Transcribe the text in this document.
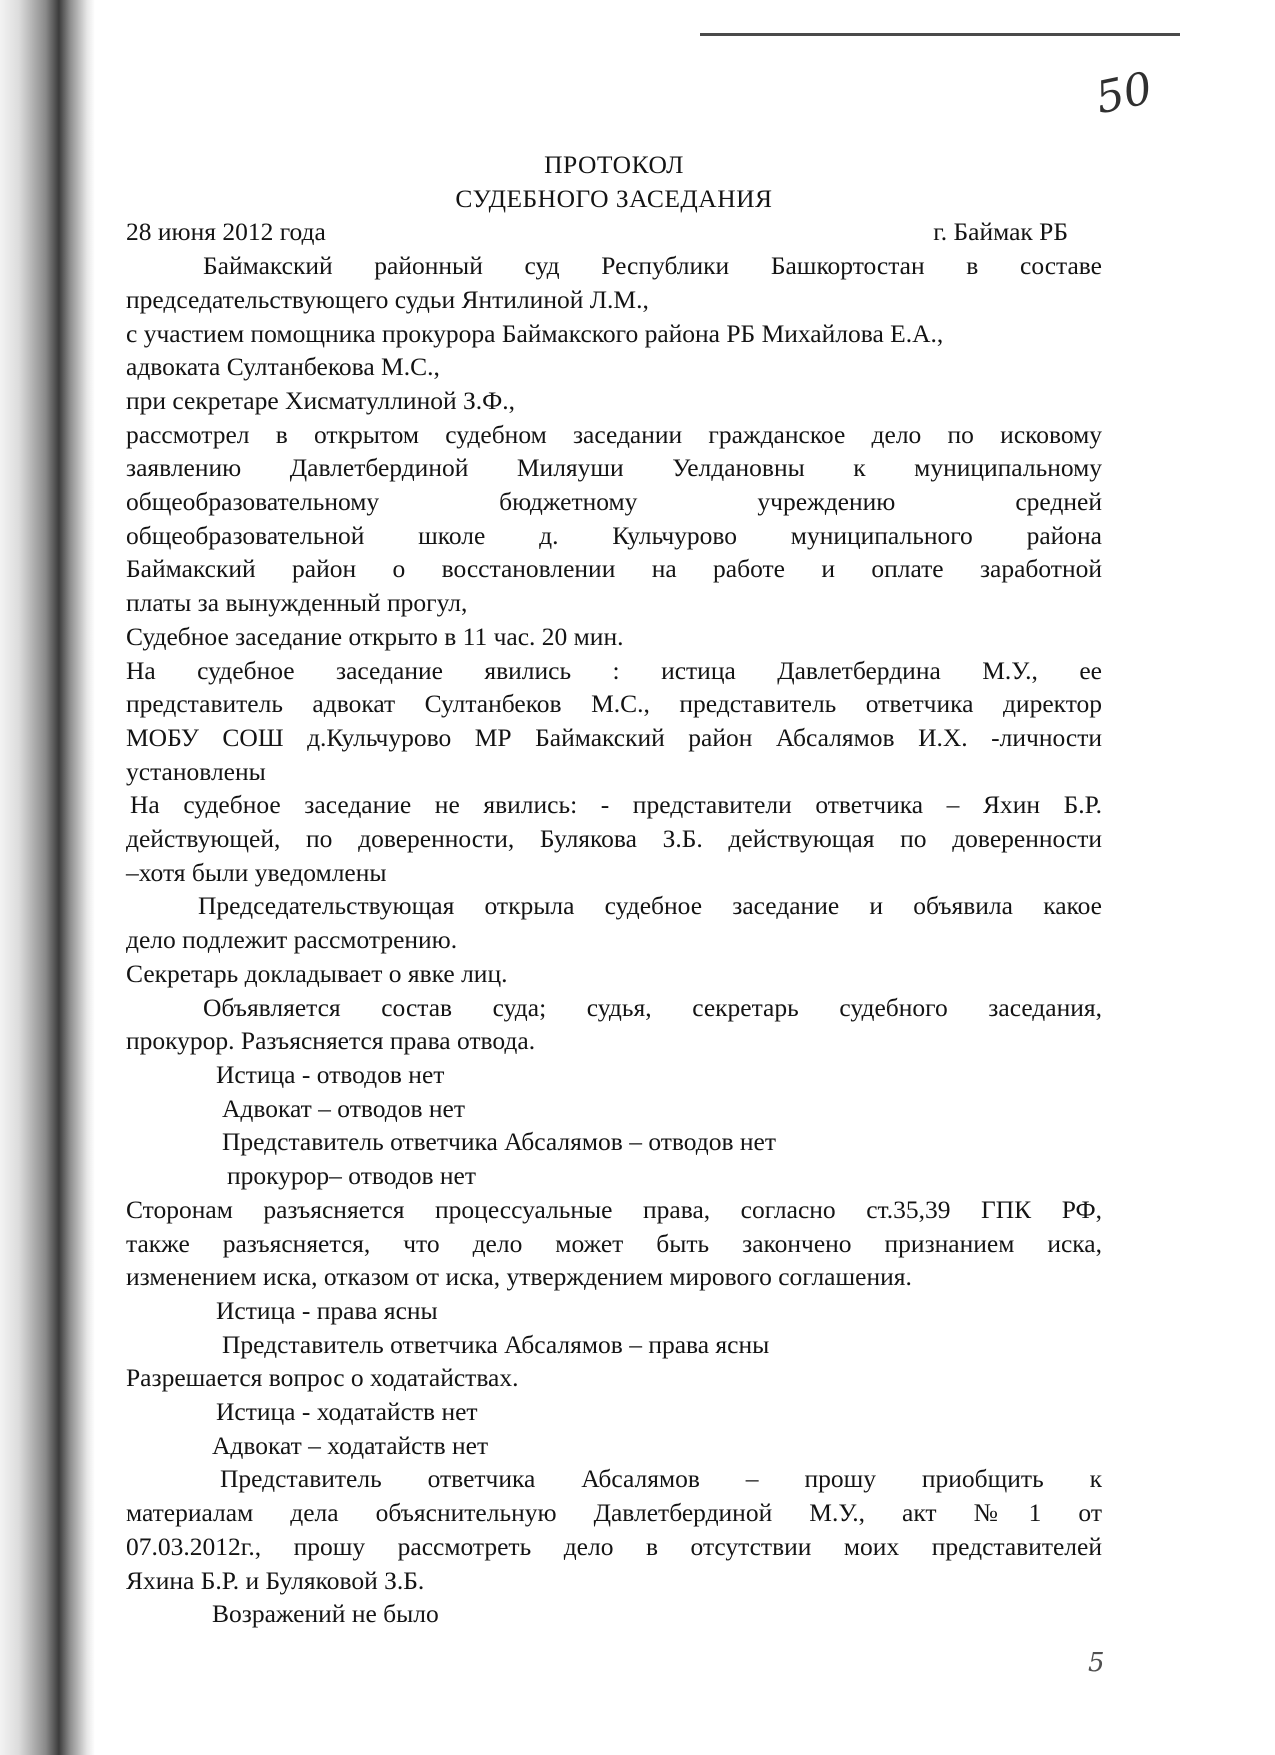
50
ПРОТОКОЛ
СУДЕБНОГО ЗАСЕДАНИЯ
28 июня 2012 года	г. Баймак РБ

Баймакский районный суд Республики Башкортостан в составе

председательствующего судьи Янтилиной Л.М.,

с участием помощника прокурора Баймакского района РБ Михайлова Е.А.,

адвоката Султанбекова М.С.,

при секретаре Хисматуллиной З.Ф.,

рассмотрел в открытом судебном заседании гражданское дело по исковому

заявлению Давлетбердиной Миляуши Уелдановны к муниципальному

общеобразовательному бюджетному учреждению средней

общеобразовательной школе д. Кульчурово муниципального района

Баймакский район о восстановлении на работе и оплате заработной

платы за вынужденный прогул,

Судебное заседание открыто в 11 час. 20 мин.

На судебное заседание явились : истица Давлетбердина М.У., ее

представитель адвокат Султанбеков М.С., представитель ответчика директор

МОБУ СОШ д.Кульчурово МР Баймакский район Абсалямов И.Х. -личности

установлены

На судебное заседание не явились: - представители ответчика – Яхин Б.Р.

действующей, по доверенности, Булякова З.Б. действующая по доверенности

–хотя были уведомлены

Председательствующая открыла судебное заседание и объявила какое

дело подлежит рассмотрению.

Секретарь докладывает о явке лиц.

Объявляется состав суда; судья, секретарь судебного заседания,

прокурор. Разъясняется права отвода.

Истица - отводов нет

Адвокат – отводов нет

Представитель ответчика Абсалямов – отводов нет

прокурор– отводов нет

Сторонам разъясняется процессуальные права, согласно ст.35,39 ГПК РФ,

также разъясняется, что дело может быть закончено признанием иска,

изменением иска, отказом от иска, утверждением мирового соглашения.

Истица - права ясны

Представитель ответчика Абсалямов – права ясны

Разрешается вопрос о ходатайствах.

Истица - ходатайств нет

Адвокат – ходатайств нет

Представитель ответчика Абсалямов – прошу приобщить к

материалам дела объяснительную Давлетбердиной М.У., акт №1 от

07.03.2012г., прошу рассмотреть дело в отсутствии моих представителей

Яхина Б.Р. и Буляковой З.Б.

Возражений не было

5
